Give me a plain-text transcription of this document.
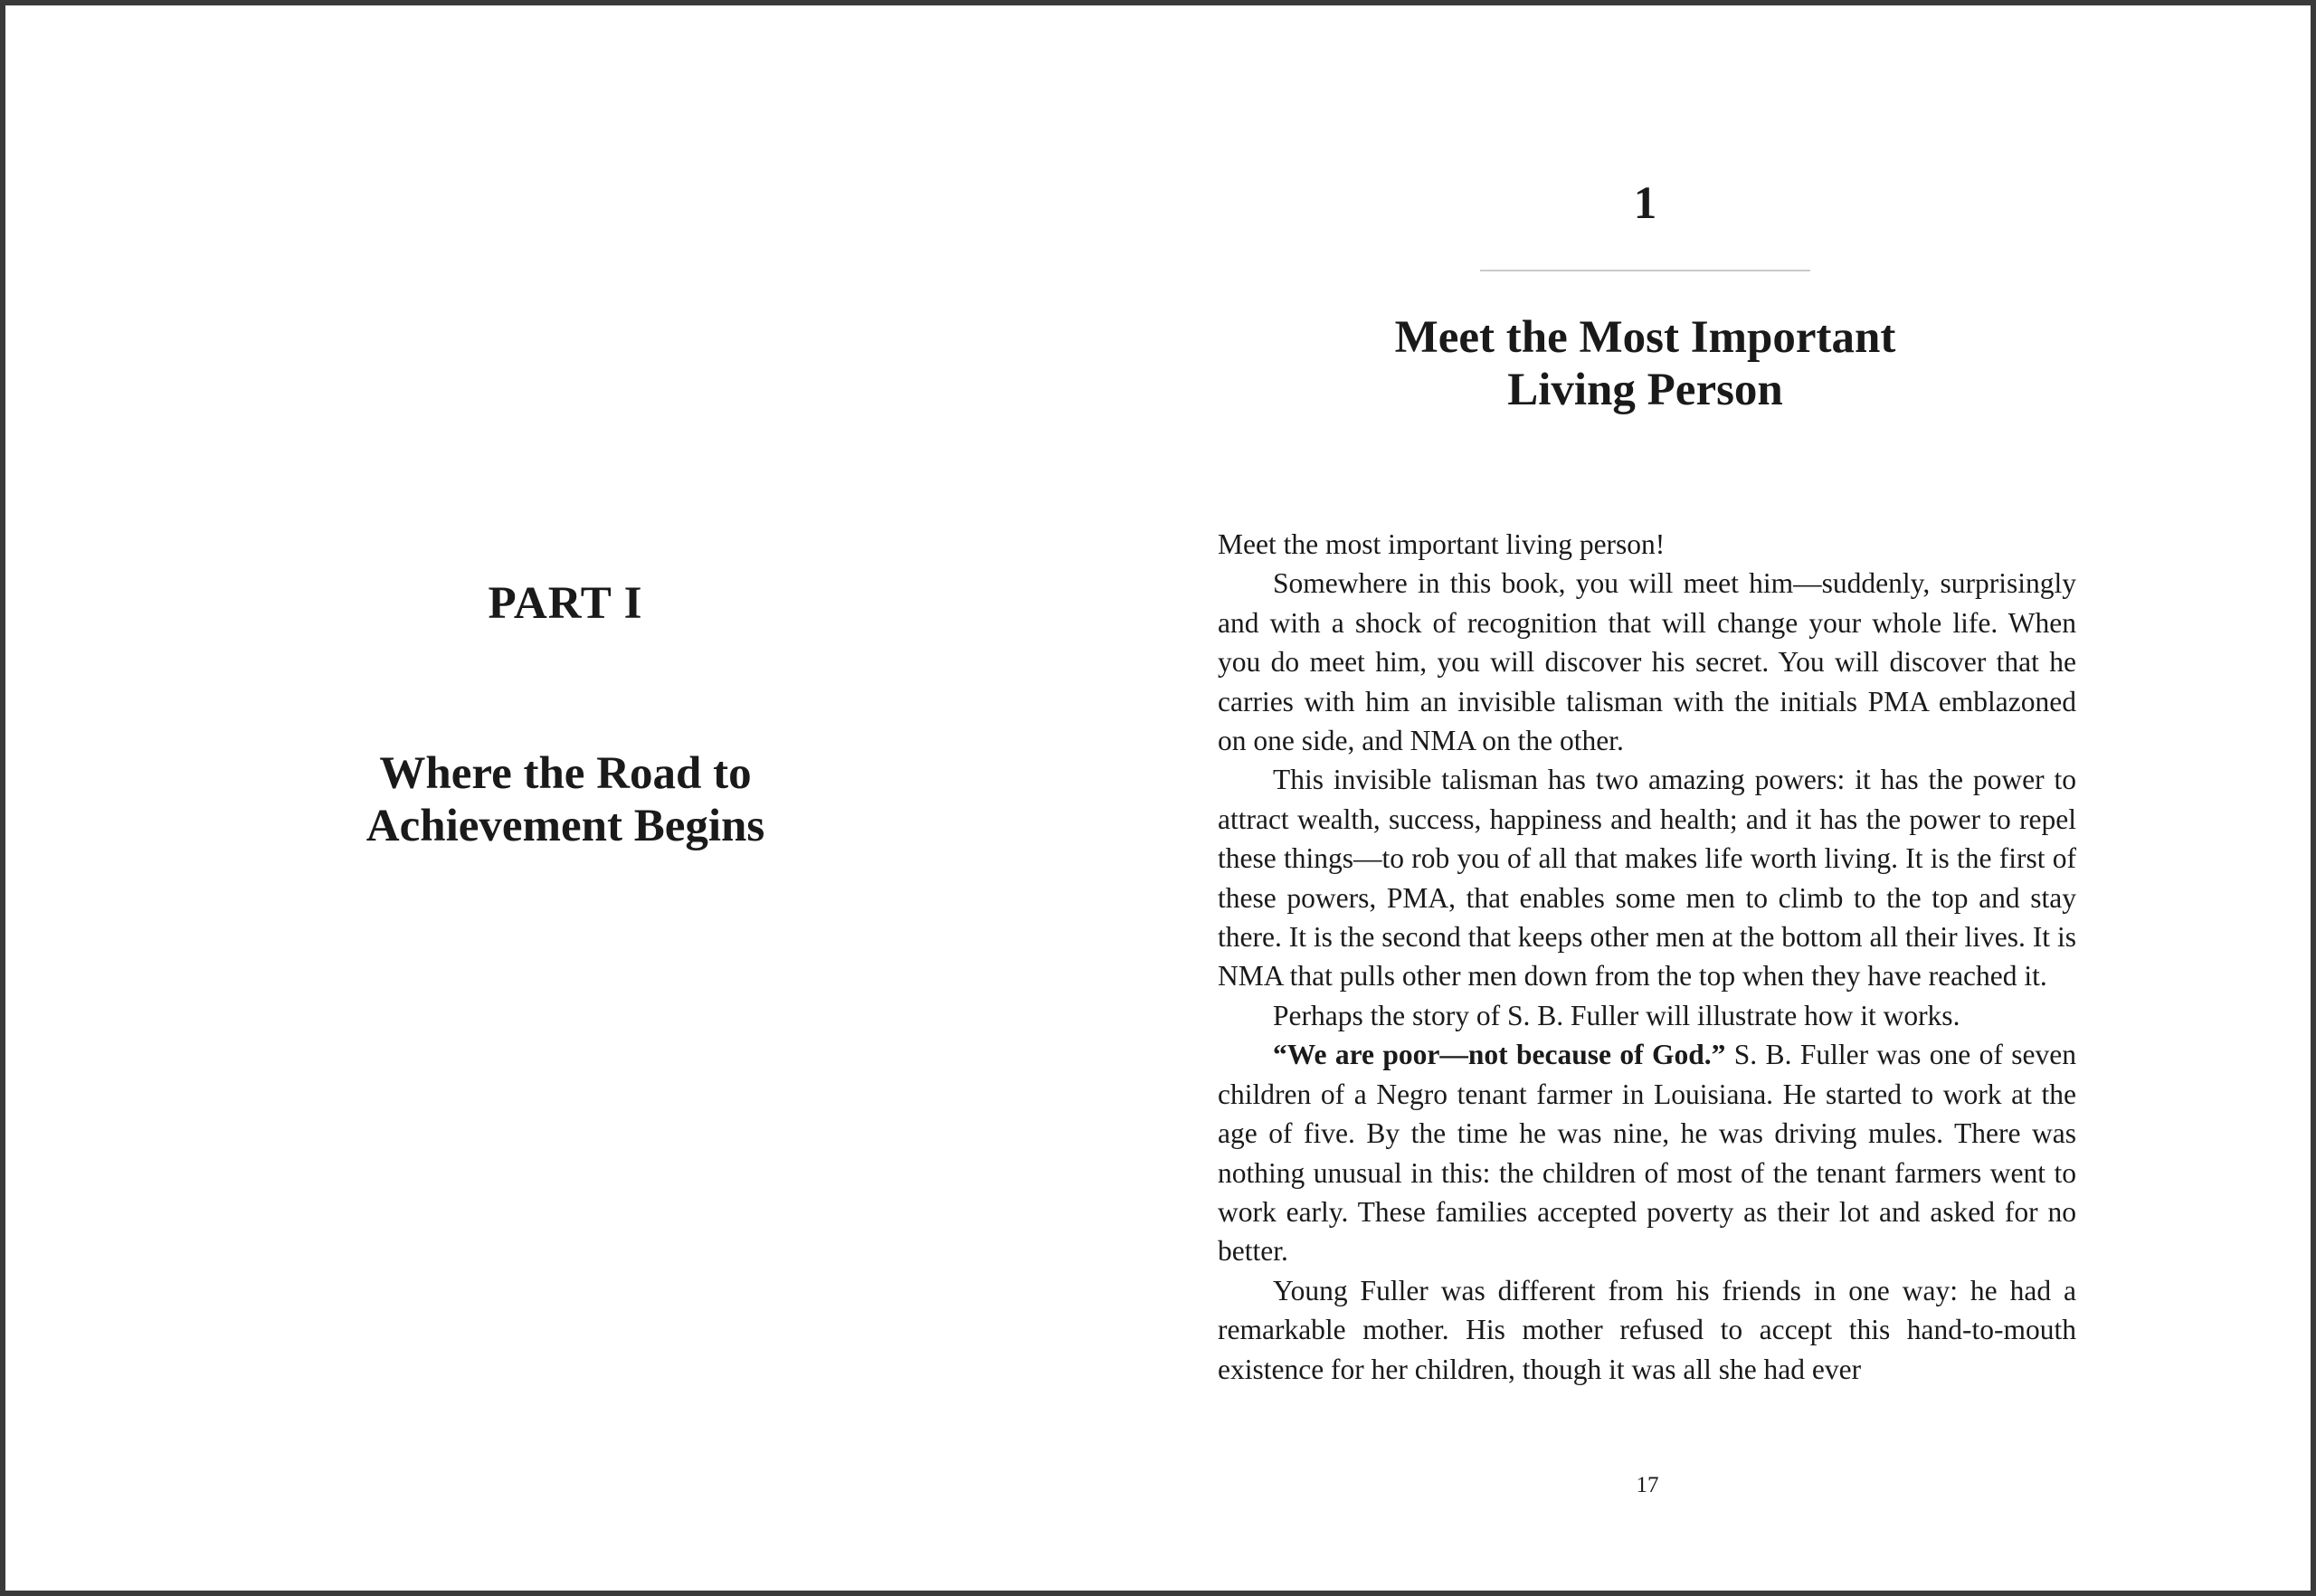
PART I
Where the Road to
Achievement Begins
1
Meet the Most Important
Living Person

Meet the most important living person!

Somewhere in this book, you will meet him—suddenly, surprisingly and with a shock of recognition that will change your whole life. When you do meet him, you will discover his secret. You will discover that he carries with him an invisible talisman with the initials PMA emblazoned on one side, and NMA on the other.

This invisible talisman has two amazing powers: it has the power to attract wealth, success, happiness and health; and it has the power to repel these things—to rob you of all that makes life worth living. It is the first of these powers, PMA, that enables some men to climb to the top and stay there. It is the second that keeps other men at the bottom all their lives. It is NMA that pulls other men down from the top when they have reached it.

Perhaps the story of S. B. Fuller will illustrate how it works.

“We are poor—not because of God.” S. B. Fuller was one of seven children of a Negro tenant farmer in Louisiana. He started to work at the age of five. By the time he was nine, he was driving mules. There was nothing unusual in this: the children of most of the tenant farmers went to work early. These families accepted poverty as their lot and asked for no better.

Young Fuller was different from his friends in one way: he had a remarkable mother. His mother refused to accept this hand-to-mouth existence for her children, though it was all she had ever

17
